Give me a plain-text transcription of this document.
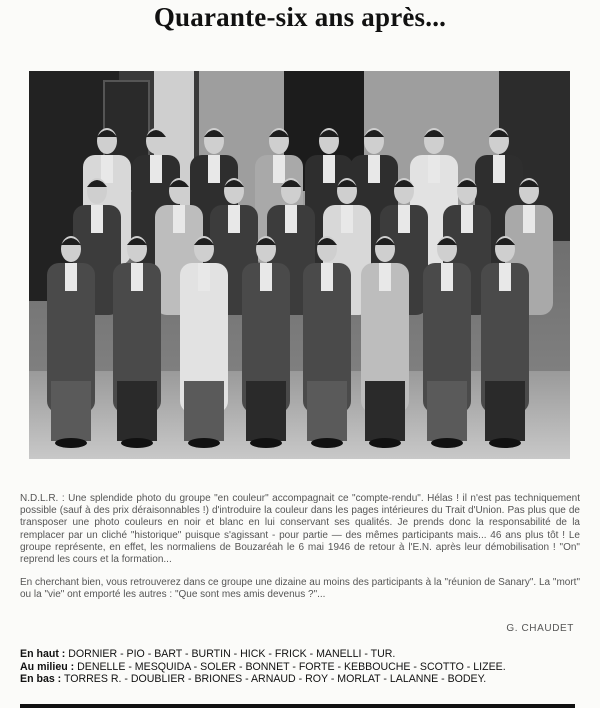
Quarante-six ans après...

N.D.L.R. : Une splendide photo du groupe "en couleur" accompagnait ce "compte-rendu". Hélas ! il n'est pas techniquement possible (sauf à des prix déraisonnables !) d'introduire la couleur dans les pages intérieures du Trait d'Union. Pas plus que de transposer une photo couleurs en noir et blanc en lui conservant ses qualités. Je prends donc la responsabilité de la remplacer par un cliché "historique" puisque s'agissant - pour partie — des mêmes participants mais... 46 ans plus tôt ! Le groupe représente, en effet, les normaliens de Bouzaréah le 6 mai 1946 de retour à l'E.N. après leur démobilisation ! "On" reprend les cours et la formation...

En cherchant bien, vous retrouverez dans ce groupe une dizaine au moins des participants à la "réunion de Sanary". La "mort" ou la "vie" ont emporté les autres : "Que sont mes amis devenus ?"...

G. CHAUDET
En haut : DORNIER - PIO - BART - BURTIN - HICK - FRICK - MANELLI - TUR.
Au milieu : DENELLE - MESQUIDA - SOLER - BONNET - FORTE - KEBBOUCHE - SCOTTO - LIZEE.
En bas : TORRES R. - DOUBLIER - BRIONES - ARNAUD - ROY - MORLAT - LALANNE - BODEY.
